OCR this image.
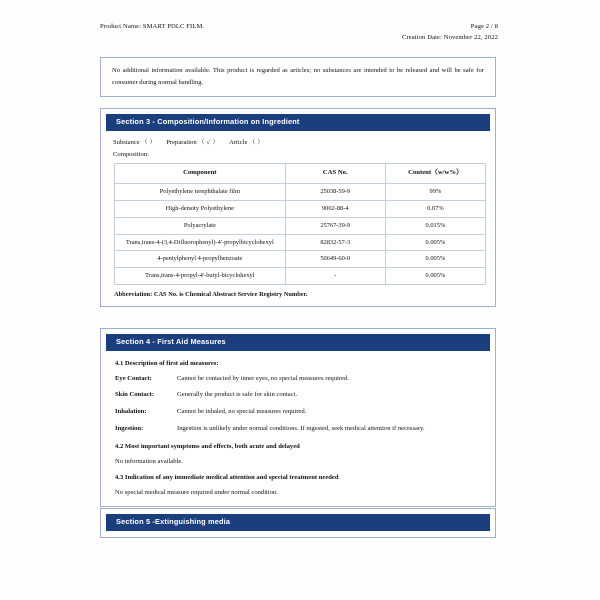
Product Name: SMART PDLC FILM.	Page 2 / 8
Creation Date: November 22, 2022
No additional information available. This product is regarded as articles; no substances are intended to be released and will be safe for consumer during normal handling.
Section 3 - Composition/Information on Ingredient
Substance （ ） Preparation （ ✓ ） Article （ ）
Composition:
Component	CAS No.	Content（w/w%）
Polyethylene terephthalate film	25038-59-9	99%
High-density Polyethylene	9002-88-4	0.07%
Polyacrylate	25767-39-9	0.015%
Trans,trans-4-(3,4-Difluorophenyl)-4'-propylbicyclohexyl	82832-57-3	0.005%
4-pentylphenyl 4-propylbenzoate	50649-60-0	0.005%
Trans,trans-4-propyl-4'-butyl-bicyclohexyl	-	0.005%
Abbreviation: CAS No. is Chemical Abstract Service Registry Number.
Section 4 - First Aid Measures
4.1 Description of first aid measures:
Eye Contact:	Cannot be contacted by inner eyes, no special measures required.
Skin Contact:	Generally the product is safe for skin contact.
Inhalation:	Cannot be inhaled, no special measures required.
Ingestion:	Ingestion is unlikely under normal conditions. If ingested, seek medical attention if necessary.
4.2 Most important symptoms and effects, both acute and delayed
No information available.
4.3 Indication of any immediate medical attention and special treatment needed
No special medical measure required under normal condition.
Section 5 -Extinguishing media
